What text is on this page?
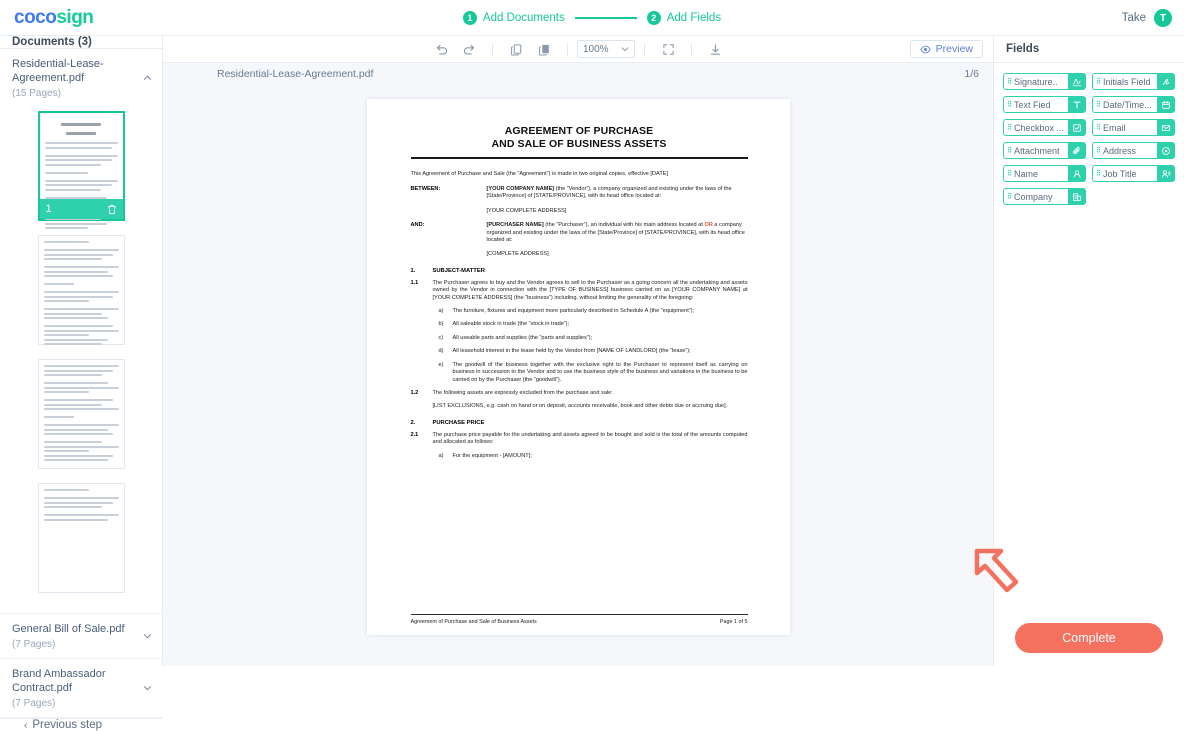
cocosign	1 Add Documents	2 Add Fields	Take	T
Documents (3)
Residential-Lease-Agreement.pdf
(15 Pages)
1
General Bill of Sale.pdf
(7 Pages)
Brand Ambassador Contract.pdf
(7 Pages)
‹ Previous step
100%	Preview
Residential-Lease-Agreement.pdf	1/6
AGREEMENT OF PURCHASE
AND SALE OF BUSINESS ASSETS
This Agreement of Purchase and Sale (the “Agreement”) is made in two original copies, effective [DATE]
BETWEEN:	[YOUR COMPANY NAME] (the “Vendor”), a company organized and existing under the laws of the [State/Province] of [STATE/PROVINCE], with its head office located at:
[YOUR COMPLETE ADDRESS]
AND:	[PURCHASER NAME] (the “Purchaser”), an individual with his main address located at OR a company organized and existing under the laws of the [State/Province] of [STATE/PROVINCE], with its head office located at:
[COMPLETE ADDRESS]
1.	SUBJECT-MATTER
1.1	The Purchaser agrees to buy and the Vendor agrees to sell to the Purchaser as a going concern all the undertaking and assets owned by the Vendor in connection with the [TYPE OF BUSINESS] business carried on as [YOUR COMPANY NAME] at [YOUR COMPLETE ADDRESS] (the “business”) including, without limiting the generality of the foregoing:
a)	The furniture, fixtures and equipment more particularly described in Schedule A (the “equipment”);
b)	All saleable stock in trade (the “stock in trade”);
c)	All useable parts and supplies (the “parts and supplies”);
d)	All leasehold interest in the lease held by the Vendor from [NAME OF LANDLORD] (the “lease”);
e)	The goodwill of the business together with the exclusive right to the Purchaser to represent itself as carrying on business in succession to the Vendor and to use the business style of the business and variations in the business to be carried on by the Purchaser (the “goodwill”).
1.2	The following assets are expressly excluded from the purchase and sale:
[LIST EXCLUSIONS, e.g. cash on hand or on deposit, accounts receivable, book and other debts due or accruing due].
2.	PURCHASE PRICE
2.1	The purchase price payable for the undertaking and assets agreed to be bought and sold is the total of the amounts computed and allocated as follows:
a)	For the equipment - [AMOUNT];
Agreement of Purchase and Sale of Business Assets	Page 1 of 5
Fields
Signature..	Initials Field
Text Fied	Date/Time...
Checkbox ...	Email
Attachment	Address
Name	Job Title
Company
Complete
